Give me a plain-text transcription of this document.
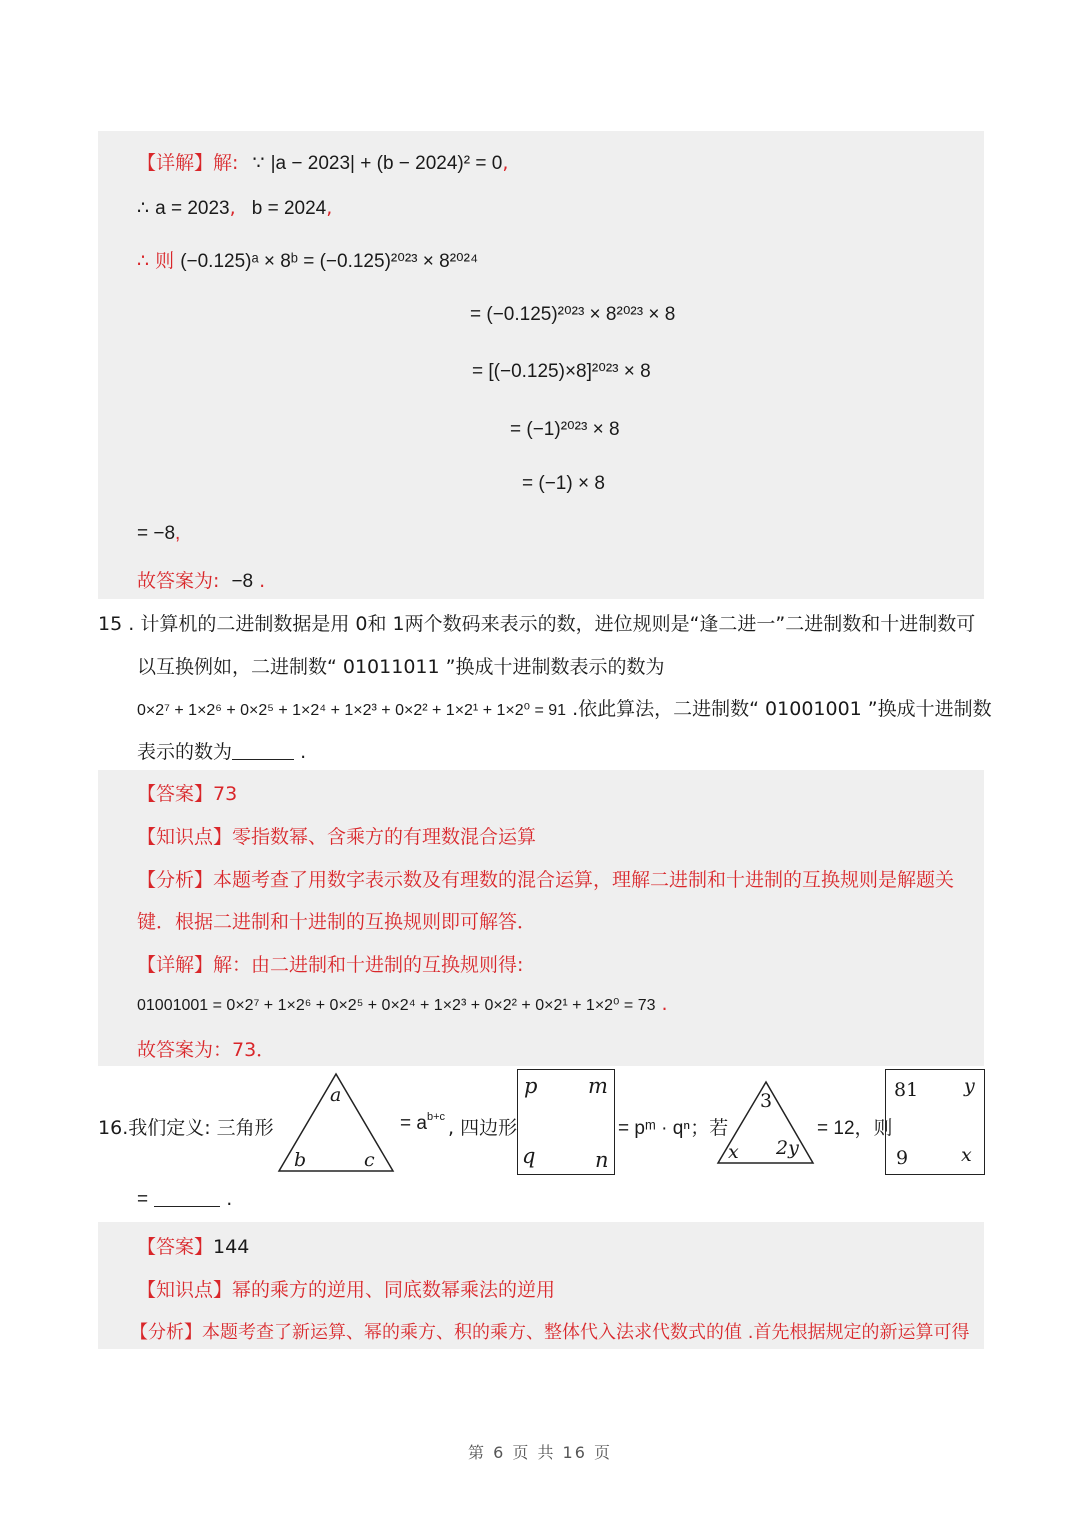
【详解】解: ∵ |a − 2023| + (b − 2024)² = 0,
∴ a = 2023, b = 2024,
∴ 则 (−0.125)ᵃ × 8ᵇ = (−0.125)²⁰²³ × 8²⁰²⁴
= (−0.125)²⁰²³ × 8²⁰²³ × 8
= [(−0.125)×8]²⁰²³ × 8
= (−1)²⁰²³ × 8
= (−1) × 8
= −8,
故答案为: −8 .
15 . 计算机的二进制数据是用 0和 1两个数码来表示的数，进位规则是“逢二进一”二进制数和十进制数可
以互换例如，二进制数“ 01011011 ”换成十进制数表示的数为
0×2⁷ + 1×2⁶ + 0×2⁵ + 1×2⁴ + 1×2³ + 0×2² + 1×2¹ + 1×2⁰ = 91 .依此算法，二进制数“ 01001001 ”换成十进制数
表示的数为	.
【答案】73
【知识点】零指数幂、含乘方的有理数混合运算
【分析】本题考查了用数字表示数及有理数的混合运算，理解二进制和十进制的互换规则是解题关
键．根据二进制和十进制的互换规则即可解答．
【详解】解：由二进制和十进制的互换规则得:
01001001 = 0×2⁷ + 1×2⁶ + 0×2⁵ + 0×2⁴ + 1×2³ + 0×2² + 0×2¹ + 1×2⁰ = 73 .
故答案为：73．
16.我们定义: 三角形
a
b	c
= $a^{b+c}$ , 四边形
p m
q	n
= pᵐ · qⁿ；若
3
x 2y
= 12，则
81 y
9	x
=	.
【答案】144
【知识点】幂的乘方的逆用、同底数幂乘法的逆用
【分析】本题考查了新运算、幂的乘方、积的乘方、整体代入法求代数式的值 .首先根据规定的新运算可得
第 6 页 共 16 页
